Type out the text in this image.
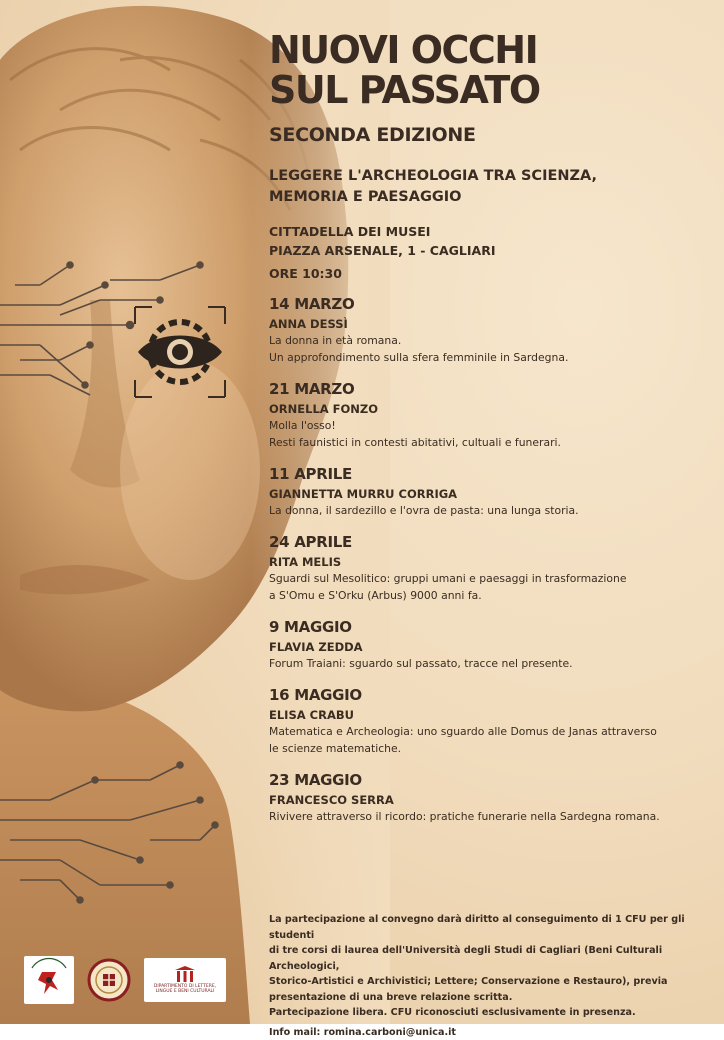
NUOVI OCCHI
SUL PASSATO
SECONDA EDIZIONE
LEGGERE L'ARCHEOLOGIA TRA SCIENZA,
MEMORIA E PAESAGGIO
CITTADELLA DEI MUSEI
PIAZZA ARSENALE, 1 - CAGLIARI
ORE 10:30
14 MARZO
ANNA DESSÌ
La donna in età romana.
Un approfondimento sulla sfera femminile in Sardegna.
21 MARZO
ORNELLA FONZO
Molla l'osso!
Resti faunistici in contesti abitativi, cultuali e funerari.
11 APRILE
GIANNETTA MURRU CORRIGA
La donna, il sardezillo e l'ovra de pasta: una lunga storia.
24 APRILE
RITA MELIS
Sguardi sul Mesolitico: gruppi umani e paesaggi in trasformazione
a S'Omu e S'Orku (Arbus) 9000 anni fa.
9 MAGGIO
FLAVIA ZEDDA
Forum Traiani: sguardo sul passato, tracce nel presente.
16 MAGGIO
ELISA CRABU
Matematica e Archeologia: uno sguardo alle Domus de Janas attraverso
le scienze matematiche.
23 MAGGIO
FRANCESCO SERRA
Rivivere attraverso il ricordo: pratiche funerarie nella Sardegna romana.
La partecipazione al convegno darà diritto al conseguimento di 1 CFU per gli studenti
di tre corsi di laurea dell'Università degli Studi di Cagliari (Beni Culturali Archeologici,
Storico-Artistici e Archivistici; Lettere; Conservazione e Restauro), previa
presentazione di una breve relazione scritta.
Partecipazione libera. CFU riconosciuti esclusivamente in presenza.
Info mail: romina.carboni@unica.it
DIPARTIMENTO DI LETTERE,
LINGUE E BENI CULTURALI
